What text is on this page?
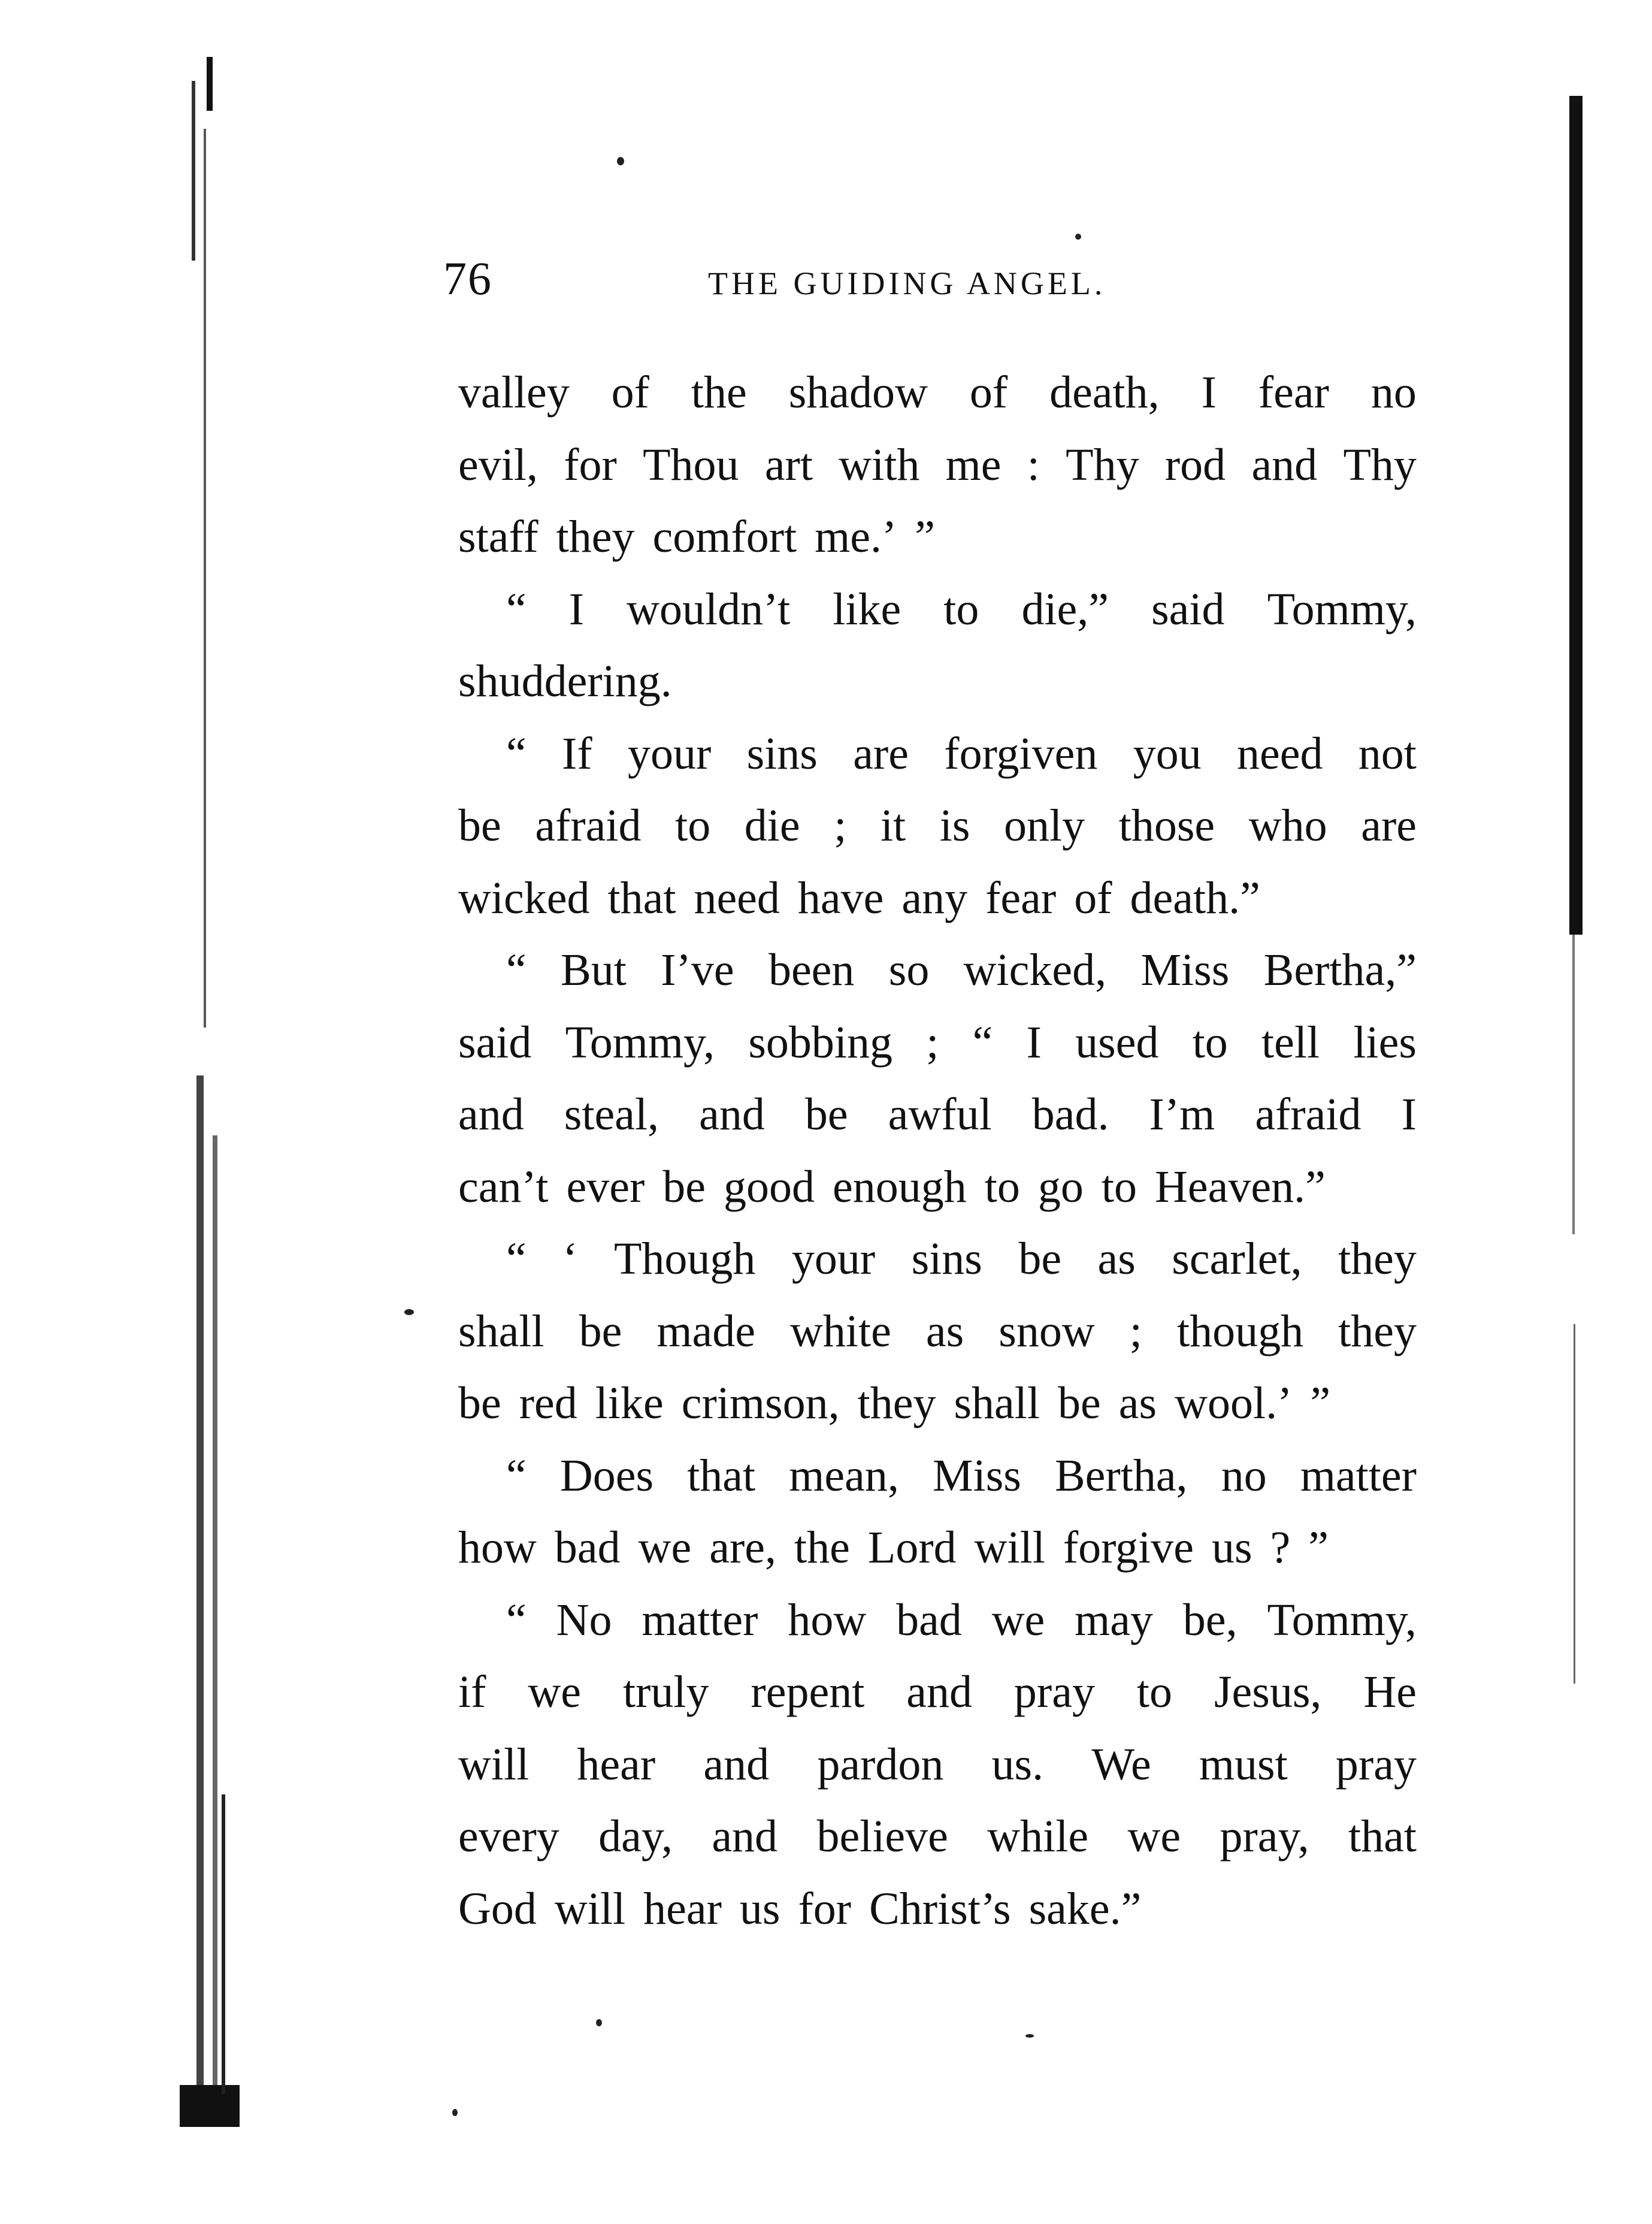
76	THE GUIDING ANGEL.
valley of the shadow of death, I fear no
evil, for Thou art with me : Thy rod and Thy
staff they comfort me.’ ”
“ I wouldn’t like to die,” said Tommy,
shuddering.
“ If your sins are forgiven you need not
be afraid to die ; it is only those who are
wicked that need have any fear of death.”
“ But I’ve been so wicked, Miss Bertha,”
said Tommy, sobbing ; “ I used to tell lies
and steal, and be awful bad. I’m afraid I
can’t ever be good enough to go to Heaven.”
“ ‘ Though your sins be as scarlet, they
shall be made white as snow ; though they
be red like crimson, they shall be as wool.’ ”
“ Does that mean, Miss Bertha, no matter
how bad we are, the Lord will forgive us ? ”
“ No matter how bad we may be, Tommy,
if we truly repent and pray to Jesus, He
will hear and pardon us. We must pray
every day, and believe while we pray, that
God will hear us for Christ’s sake.”
